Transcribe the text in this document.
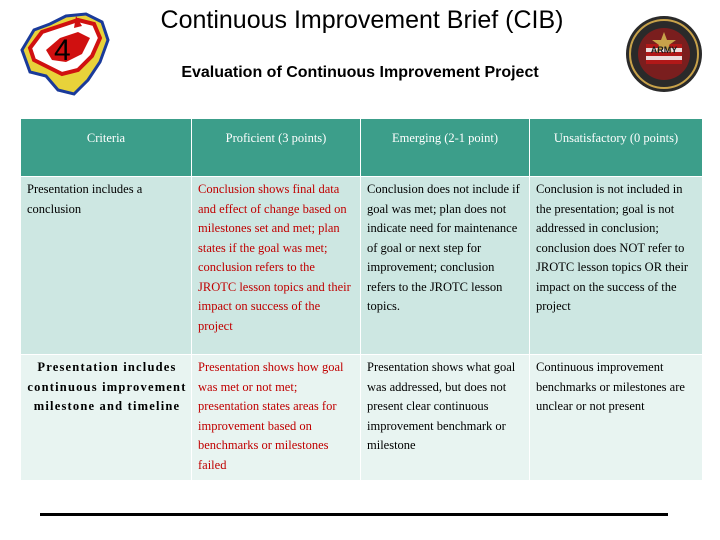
4
Continuous Improvement Brief (CIB)
Evaluation of Continuous Improvement Project
ARMY
Criteria	Proficient (3 points)	Emerging (2-1 point)	Unsatisfactory (0 points)
Presentation includes a conclusion	Conclusion shows final data and effect of change based on milestones set and met; plan states if the goal was met; conclusion refers to the JROTC lesson topics and their impact on success of the project	Conclusion does not include if goal was met; plan does not indicate need for maintenance of goal or next step for improvement; conclusion refers to the JROTC lesson topics.	Conclusion is not included in the presentation; goal is not addressed in conclusion; conclusion does NOT refer to JROTC lesson topics OR their impact on the success of the project
Presentation includes continuous improvement milestone and timeline	Presentation shows how goal was met or not met; presentation states areas for improvement based on benchmarks or milestones failed	Presentation shows what goal was addressed, but does not present clear continuous improvement benchmark or milestone	Continuous improvement benchmarks or milestones are unclear or not present
